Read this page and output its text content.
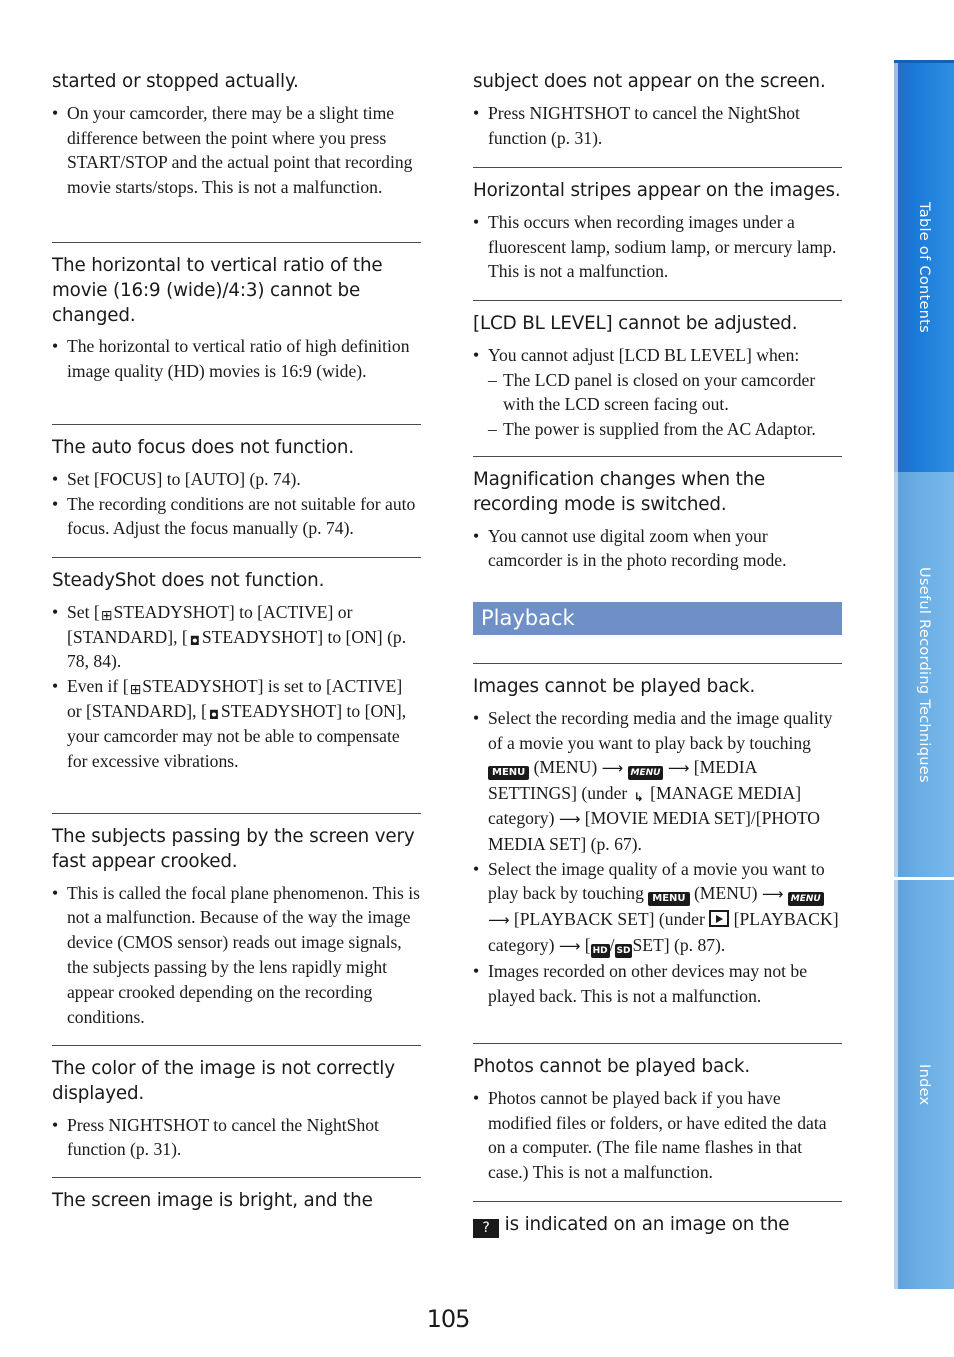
started or stopped actually.
• On your camcorder, there may be a slight time difference between the point where you press START/STOP and the actual point that recording movie starts/stops. This is not a malfunction.
The horizontal to vertical ratio of the movie (16:9 (wide)/4:3) cannot be changed.
• The horizontal to vertical ratio of high definition image quality (HD) movies is 16:9 (wide).
The auto focus does not function.
• Set [FOCUS] to [AUTO] (p. 74).
• The recording conditions are not suitable for auto focus. Adjust the focus manually (p. 74).
SteadyShot does not function.
• Set [⊞STEADYSHOT] to [ACTIVE] or [STANDARD], [ ◘ STEADYSHOT] to [ON] (p. 78, 84).
• Even if [⊞STEADYSHOT] is set to [ACTIVE] or [STANDARD], [ ◘ STEADYSHOT] to [ON], your camcorder may not be able to compensate for excessive vibrations.
The subjects passing by the screen very fast appear crooked.
• This is called the focal plane phenomenon. This is not a malfunction. Because of the way the image device (CMOS sensor) reads out image signals, the subjects passing by the lens rapidly might appear crooked depending on the recording conditions.
The color of the image is not correctly displayed.
• Press NIGHTSHOT to cancel the NightShot function (p. 31).
The screen image is bright, and the
subject does not appear on the screen.
• Press NIGHTSHOT to cancel the NightShot function (p. 31).
Horizontal stripes appear on the images.
• This occurs when recording images under a fluorescent lamp, sodium lamp, or mercury lamp. This is not a malfunction.
[LCD BL LEVEL] cannot be adjusted.
• You cannot adjust [LCD BL LEVEL] when:
– The LCD panel is closed on your camcorder with the LCD screen facing out.
– The power is supplied from the AC Adaptor.
Magnification changes when the recording mode is switched.
• You cannot use digital zoom when your camcorder is in the photo recording mode.
Playback
Images cannot be played back.
• Select the recording media and the image quality of a movie you want to play back by touching MENU (MENU) ⟶ MENU ⟶ [MEDIA SETTINGS] (under ↳ [MANAGE MEDIA] category) ⟶ [MOVIE MEDIA SET]/[PHOTO MEDIA SET] (p. 67).
• Select the image quality of a movie you want to play back by touching MENU (MENU) ⟶ MENU ⟶ [PLAYBACK SET] (under  [PLAYBACK] category) ⟶ [ HD / SD SET] (p. 87).
• Images recorded on other devices may not be played back. This is not a malfunction.
Photos cannot be played back.
• Photos cannot be played back if you have modified files or folders, or have edited the data on a computer. (The file name flashes in that case.) This is not a malfunction.
? is indicated on an image on the
Table of Contents
Useful Recording Techniques
Index
105
